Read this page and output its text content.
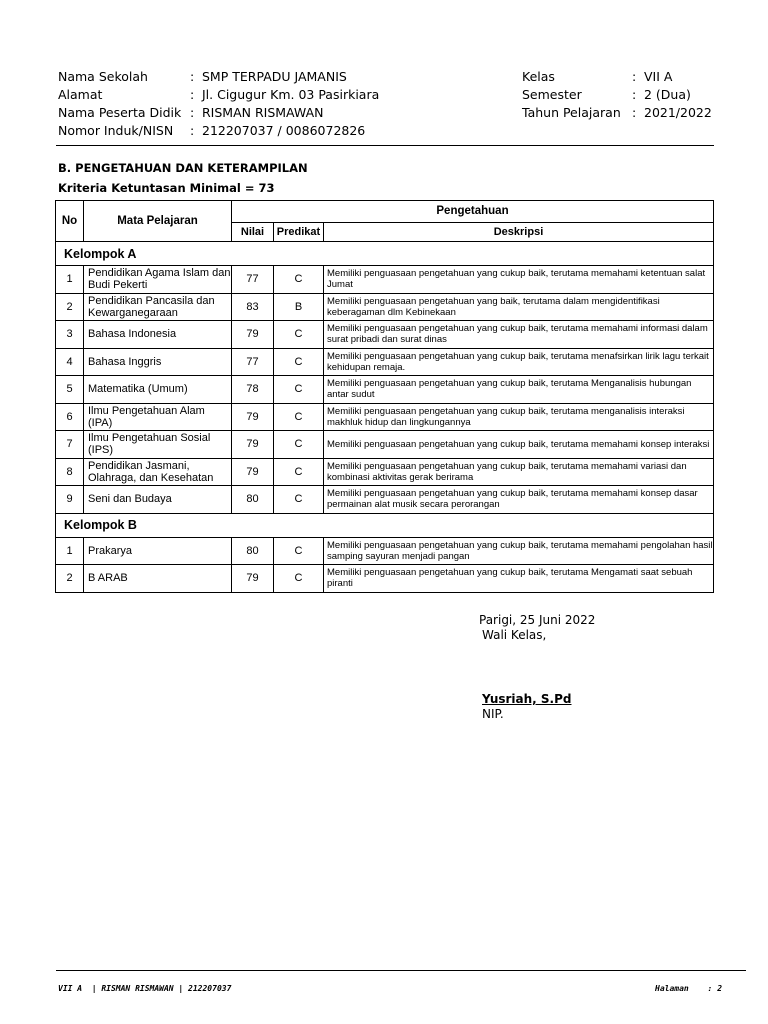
Nama Sekolah	: SMP TERPADU JAMANIS
Alamat	: Jl. Cigugur Km. 03 Pasirkiara
Nama Peserta Didik : RISMAN RISMAWAN
Nomor Induk/NISN	: 212207037 / 0086072826
Kelas	: VII A
Semester	: 2 (Dua)
Tahun Pelajaran : 2021/2022
B. PENGETAHUAN DAN KETERAMPILAN
Kriteria Ketuntasan Minimal = 73
No	Mata Pelajaran	Pengetahuan		
		Nilai	Predikat	Deskripsi
Kelompok A				
1	Pendidikan Agama Islam dan Budi Pekerti	77	C	Memiliki penguasaan pengetahuan yang cukup baik, terutama memahami ketentuan salat Jumat
2	Pendidikan Pancasila dan Kewarganegaraan	83	B	Memiliki penguasaan pengetahuan yang baik, terutama dalam mengidentifikasi keberagaman dlm Kebinekaan
3	Bahasa Indonesia	79	C	Memiliki penguasaan pengetahuan yang cukup baik, terutama memahami informasi dalam surat pribadi dan surat dinas
4	Bahasa Inggris	77	C	Memiliki penguasaan pengetahuan yang cukup baik, terutama menafsirkan lirik lagu terkait kehidupan remaja.
5	Matematika (Umum)	78	C	Memiliki penguasaan pengetahuan yang cukup baik, terutama Menganalisis hubungan antar sudut
6	Ilmu Pengetahuan Alam (IPA)	79	C	Memiliki penguasaan pengetahuan yang cukup baik, terutama menganalisis interaksi makhluk hidup dan lingkungannya
7	Ilmu Pengetahuan Sosial (IPS)	79	C	Memiliki penguasaan pengetahuan yang cukup baik, terutama memahami konsep interaksi
8	Pendidikan Jasmani, Olahraga, dan Kesehatan	79	C	Memiliki penguasaan pengetahuan yang cukup baik, terutama memahami variasi dan kombinasi aktivitas gerak berirama
9	Seni dan Budaya	80	C	Memiliki penguasaan pengetahuan yang cukup baik, terutama memahami konsep dasar permainan alat musik secara perorangan
Kelompok B				
1	Prakarya	80	C	Memiliki penguasaan pengetahuan yang cukup baik, terutama memahami pengolahan hasil samping sayuran menjadi pangan
2	B ARAB	79	C	Memiliki penguasaan pengetahuan yang cukup baik, terutama Mengamati saat sebuah piranti
Parigi, 25 Juni 2022
Wali Kelas,
Yusriah, S.Pd
NIP.
VII A  | RISMAN RISMAWAN | 212207037	Halaman : 2
